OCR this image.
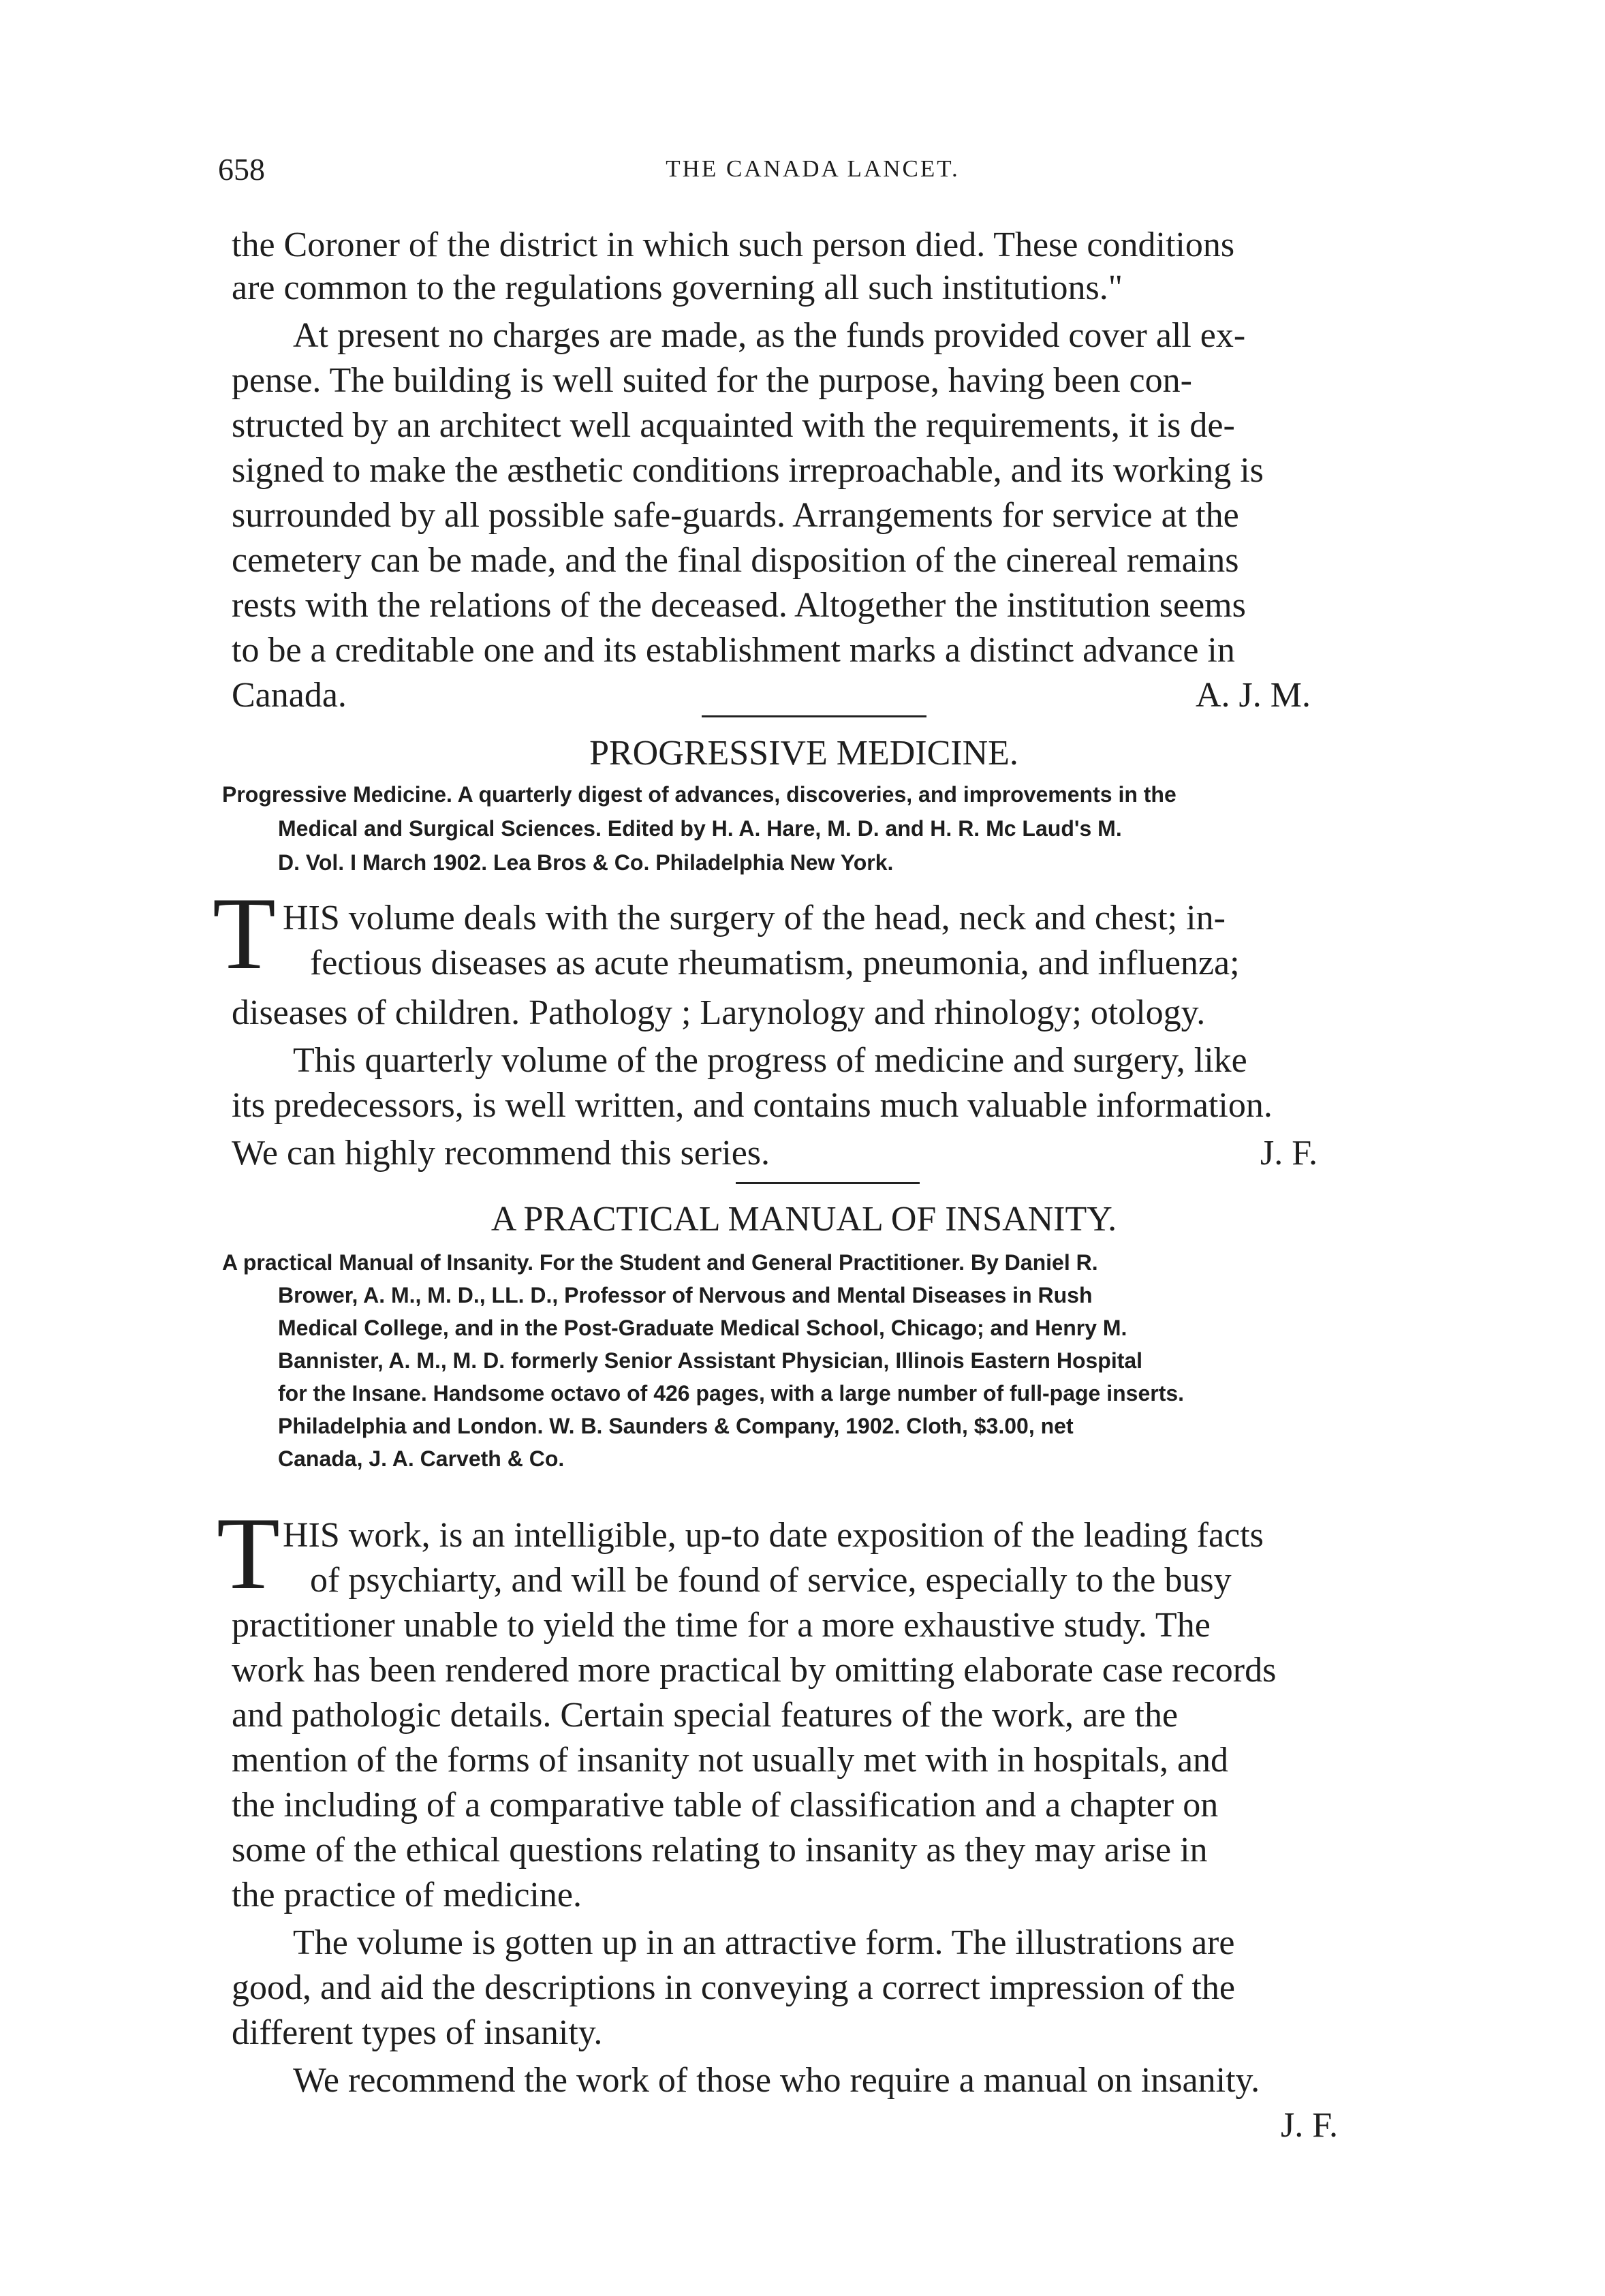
658	THE CANADA LANCET.
the Coroner of the district in which such person died. These conditions
are common to the regulations governing all such institutions."
At present no charges are made, as the funds provided cover all ex-
pense. The building is well suited for the purpose, having been con-
structed by an architect well acquainted with the requirements, it is de-
signed to make the æsthetic conditions irreproachable, and its working is
surrounded by all possible safe-guards. Arrangements for service at the
cemetery can be made, and the final disposition of the cinereal remains
rests with the relations of the deceased. Altogether the institution seems
to be a creditable one and its establishment marks a distinct advance in
Canada.	A. J. M.
PROGRESSIVE MEDICINE.
Progressive Medicine. A quarterly digest of advances, discoveries, and improvements in the
Medical and Surgical Sciences. Edited by H. A. Hare, M. D. and H. R. Mc Laud's M.
D. Vol. I March 1902. Lea Bros & Co. Philadelphia New York.
T HIS volume deals with the surgery of the head, neck and chest; in-
fectious diseases as acute rheumatism, pneumonia, and influenza;
diseases of children. Pathology ; Larynology and rhinology; otology.
This quarterly volume of the progress of medicine and surgery, like
its predecessors, is well written, and contains much valuable information.
We can highly recommend this series.	J. F.
A PRACTICAL MANUAL OF INSANITY.
A practical Manual of Insanity. For the Student and General Practitioner. By Daniel R.
Brower, A. M., M. D., LL. D., Professor of Nervous and Mental Diseases in Rush
Medical College, and in the Post-Graduate Medical School, Chicago; and Henry M.
Bannister, A. M., M. D. formerly Senior Assistant Physician, Illinois Eastern Hospital
for the Insane. Handsome octavo of 426 pages, with a large number of full-page inserts.
Philadelphia and London. W. B. Saunders & Company, 1902. Cloth, $3.00, net
Canada, J. A. Carveth & Co.
T HIS work, is an intelligible, up-to date exposition of the leading facts
of psychiarty, and will be found of service, especially to the busy
practitioner unable to yield the time for a more exhaustive study. The
work has been rendered more practical by omitting elaborate case records
and pathologic details. Certain special features of the work, are the
mention of the forms of insanity not usually met with in hospitals, and
the including of a comparative table of classification and a chapter on
some of the ethical questions relating to insanity as they may arise in
the practice of medicine.
The volume is gotten up in an attractive form. The illustrations are
good, and aid the descriptions in conveying a correct impression of the
different types of insanity.
We recommend the work of those who require a manual on insanity.
J. F.
